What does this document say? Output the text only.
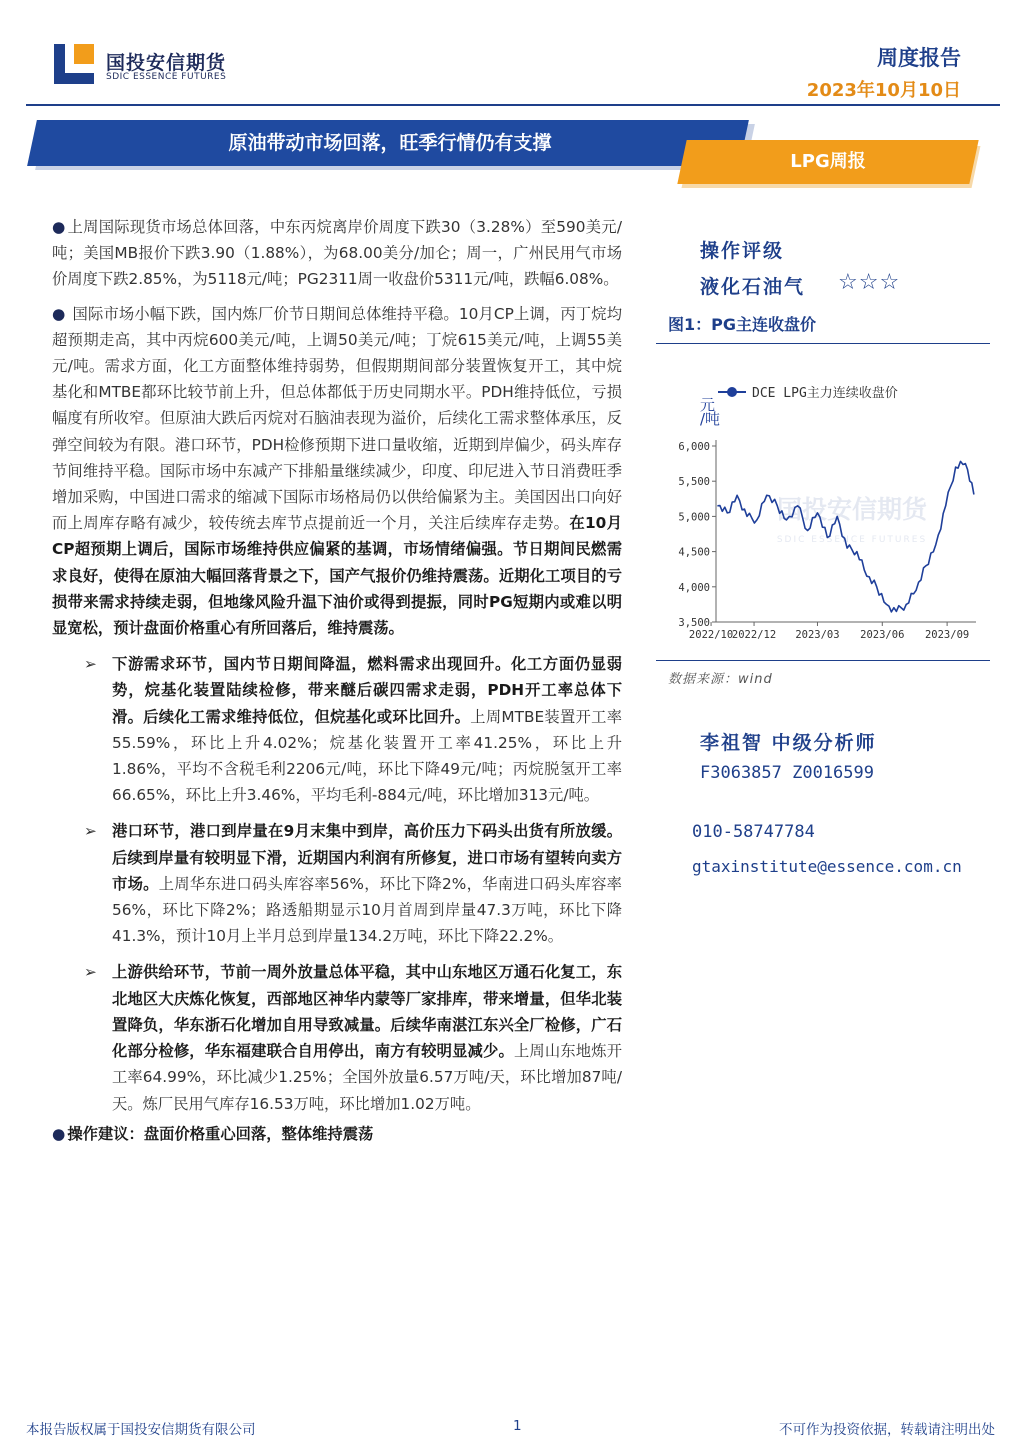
国投安信期货
SDIC ESSENCE FUTURES
周度报告
2023年10月10日
原油带动市场回落，旺季行情仍有支撑
LPG周报

● 上周国际现货市场总体回落，中东丙烷离岸价周度下跌30（3.28%）至590美元/吨；美国MB报价下跌3.90（1.88%），为68.00美分/加仑；周一，广州民用气市场价周度下跌2.85%，为5118元/吨；PG2311周一收盘价5311元/吨，跌幅6.08%。

● 国际市场小幅下跌，国内炼厂价节日期间总体维持平稳。10月CP上调，丙丁烷均超预期走高，其中丙烷600美元/吨，上调50美元/吨；丁烷615美元/吨，上调55美元/吨。需求方面，化工方面整体维持弱势，但假期期间部分装置恢复开工，其中烷基化和MTBE都环比较节前上升，但总体都低于历史同期水平。PDH维持低位，亏损幅度有所收窄。但原油大跌后丙烷对石脑油表现为溢价，后续化工需求整体承压，反弹空间较为有限。港口环节，PDH检修预期下进口量收缩，近期到岸偏少，码头库存节间维持平稳。国际市场中东减产下排船量继续减少，印度、印尼进入节日消费旺季增加采购，中国进口需求的缩减下国际市场格局仍以供给偏紧为主。美国因出口向好而上周库存略有减少，较传统去库节点提前近一个月，关注后续库存走势。在10月CP超预期上调后，国际市场维持供应偏紧的基调，市场情绪偏强。节日期间民燃需求良好，使得在原油大幅回落背景之下，国产气报价仍维持震荡。近期化工项目的亏损带来需求持续走弱，但地缘风险升温下油价或得到提振，同时PG短期内或难以明显宽松，预计盘面价格重心有所回落后，维持震荡。

➢ 下游需求环节，国内节日期间降温，燃料需求出现回升。化工方面仍显弱势，烷基化装置陆续检修，带来醚后碳四需求走弱，PDH开工率总体下滑。后续化工需求维持低位，但烷基化或环比回升。上周MTBE装置开工率55.59%，环比上升4.02%；烷基化装置开工率41.25%，环比上升1.86%，平均不含税毛利2206元/吨，环比下降49元/吨；丙烷脱氢开工率66.65%，环比上升3.46%，平均毛利-884元/吨，环比增加313元/吨。
➢ 港口环节，港口到岸量在9月末集中到岸，高价压力下码头出货有所放缓。后续到岸量有较明显下滑，近期国内利润有所修复，进口市场有望转向卖方市场。上周华东进口码头库容率56%，环比下降2%，华南进口码头库容率56%，环比下降2%；路透船期显示10月首周到岸量47.3万吨，环比下降41.3%，预计10月上半月总到岸量134.2万吨，环比下降22.2%。
➢ 上游供给环节，节前一周外放量总体平稳，其中山东地区万通石化复工，东北地区大庆炼化恢复，西部地区神华内蒙等厂家排库，带来增量，但华北装置降负，华东浙石化增加自用导致减量。后续华南湛江东兴全厂检修，广石化部分检修，华东福建联合自用停出，南方有较明显减少。上周山东地炼开工率64.99%，环比减少1.25%；全国外放量6.57万吨/天，环比增加87吨/天。炼厂民用气库存16.53万吨，环比增加1.02万吨。

● 操作建议：盘面价格重心回落，整体维持震荡

操作评级
液化石油气 ☆☆☆
图1：PG主连收盘价
3,500
4,000
4,500
5,000
5,500
6,000
2022/10
2022/12 2023/03 2023/06 2023/09
元
/吨
国投安信期货
SDIC ESSENCE FUTURES
DCE LPG主力连续收盘价
数据来源：wind
李祖智 中级分析师
F3063857 Z0016599
010-58747784
gtaxinstitute@essence.com.cn
本报告版权属于国投安信期货有限公司	1	不可作为投资依据，转载请注明出处
